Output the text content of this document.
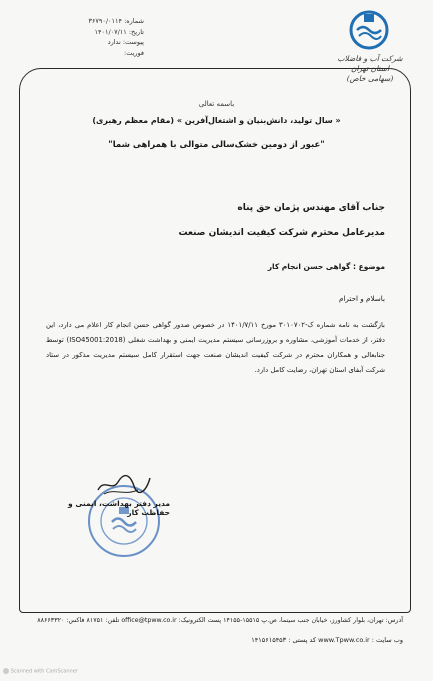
شماره: ۳۶۷۹۰/۰۱۱۴
تاریخ: ۱۴۰۱/۰۷/۱۱
پیوست: ندارد
فوریت:
شرکت آب و فاضلاب استان تهران
(سهامی خاص)
باسمه تعالی
« سال تولید، دانش‌بنیان و اشتغال‌آفرین » (مقام معظم رهبری)
"عبور از دومین خشک‌سالی متوالی با همراهی شما"
جناب آقای مهندس پژمان حق پناه
مدیرعامل محترم شرکت کیفیت اندیشان صنعت
موضوع : گواهی حسن انجام کار
باسلام و احترام
بازگشت به نامه شماره ک-۳۰۱۰۷۰۲ مورخ ۱۴۰۱/۷/۱۱ در خصوص صدور گواهی حسن انجام کار اعلام می دارد، این دفتر، از خدمات آموزشی، مشاوره و بروزرسانی سیستم مدیریت ایمنی و بهداشت شغلی (ISO45001:2018) توسط جنابعالی و همکاران محترم در شرکت کیفیت اندیشان صنعت جهت استقرار کامل سیستم مدیریت مذکور در ستاد شرکت آبفای استان تهران، رضایت کامل دارد.
مدیر دفتر بهداشت، ایمنی و حفاظت کار
آدرس: تهران، بلوار کشاورز، خیابان جنب سینما، ص.پ ۱۵۵۱۵-۱۴۱۵۵ پست الکترونیک: office@tpww.co.ir تلفن: ۸۱۷۵۱ فاکس: ۸۸۶۶۳۳۲۰
وب سایت : www.Tpww.co.ir کد پستی : ۱۴۱۵۶۱۵۴۵۳
Scanned with CamScanner
